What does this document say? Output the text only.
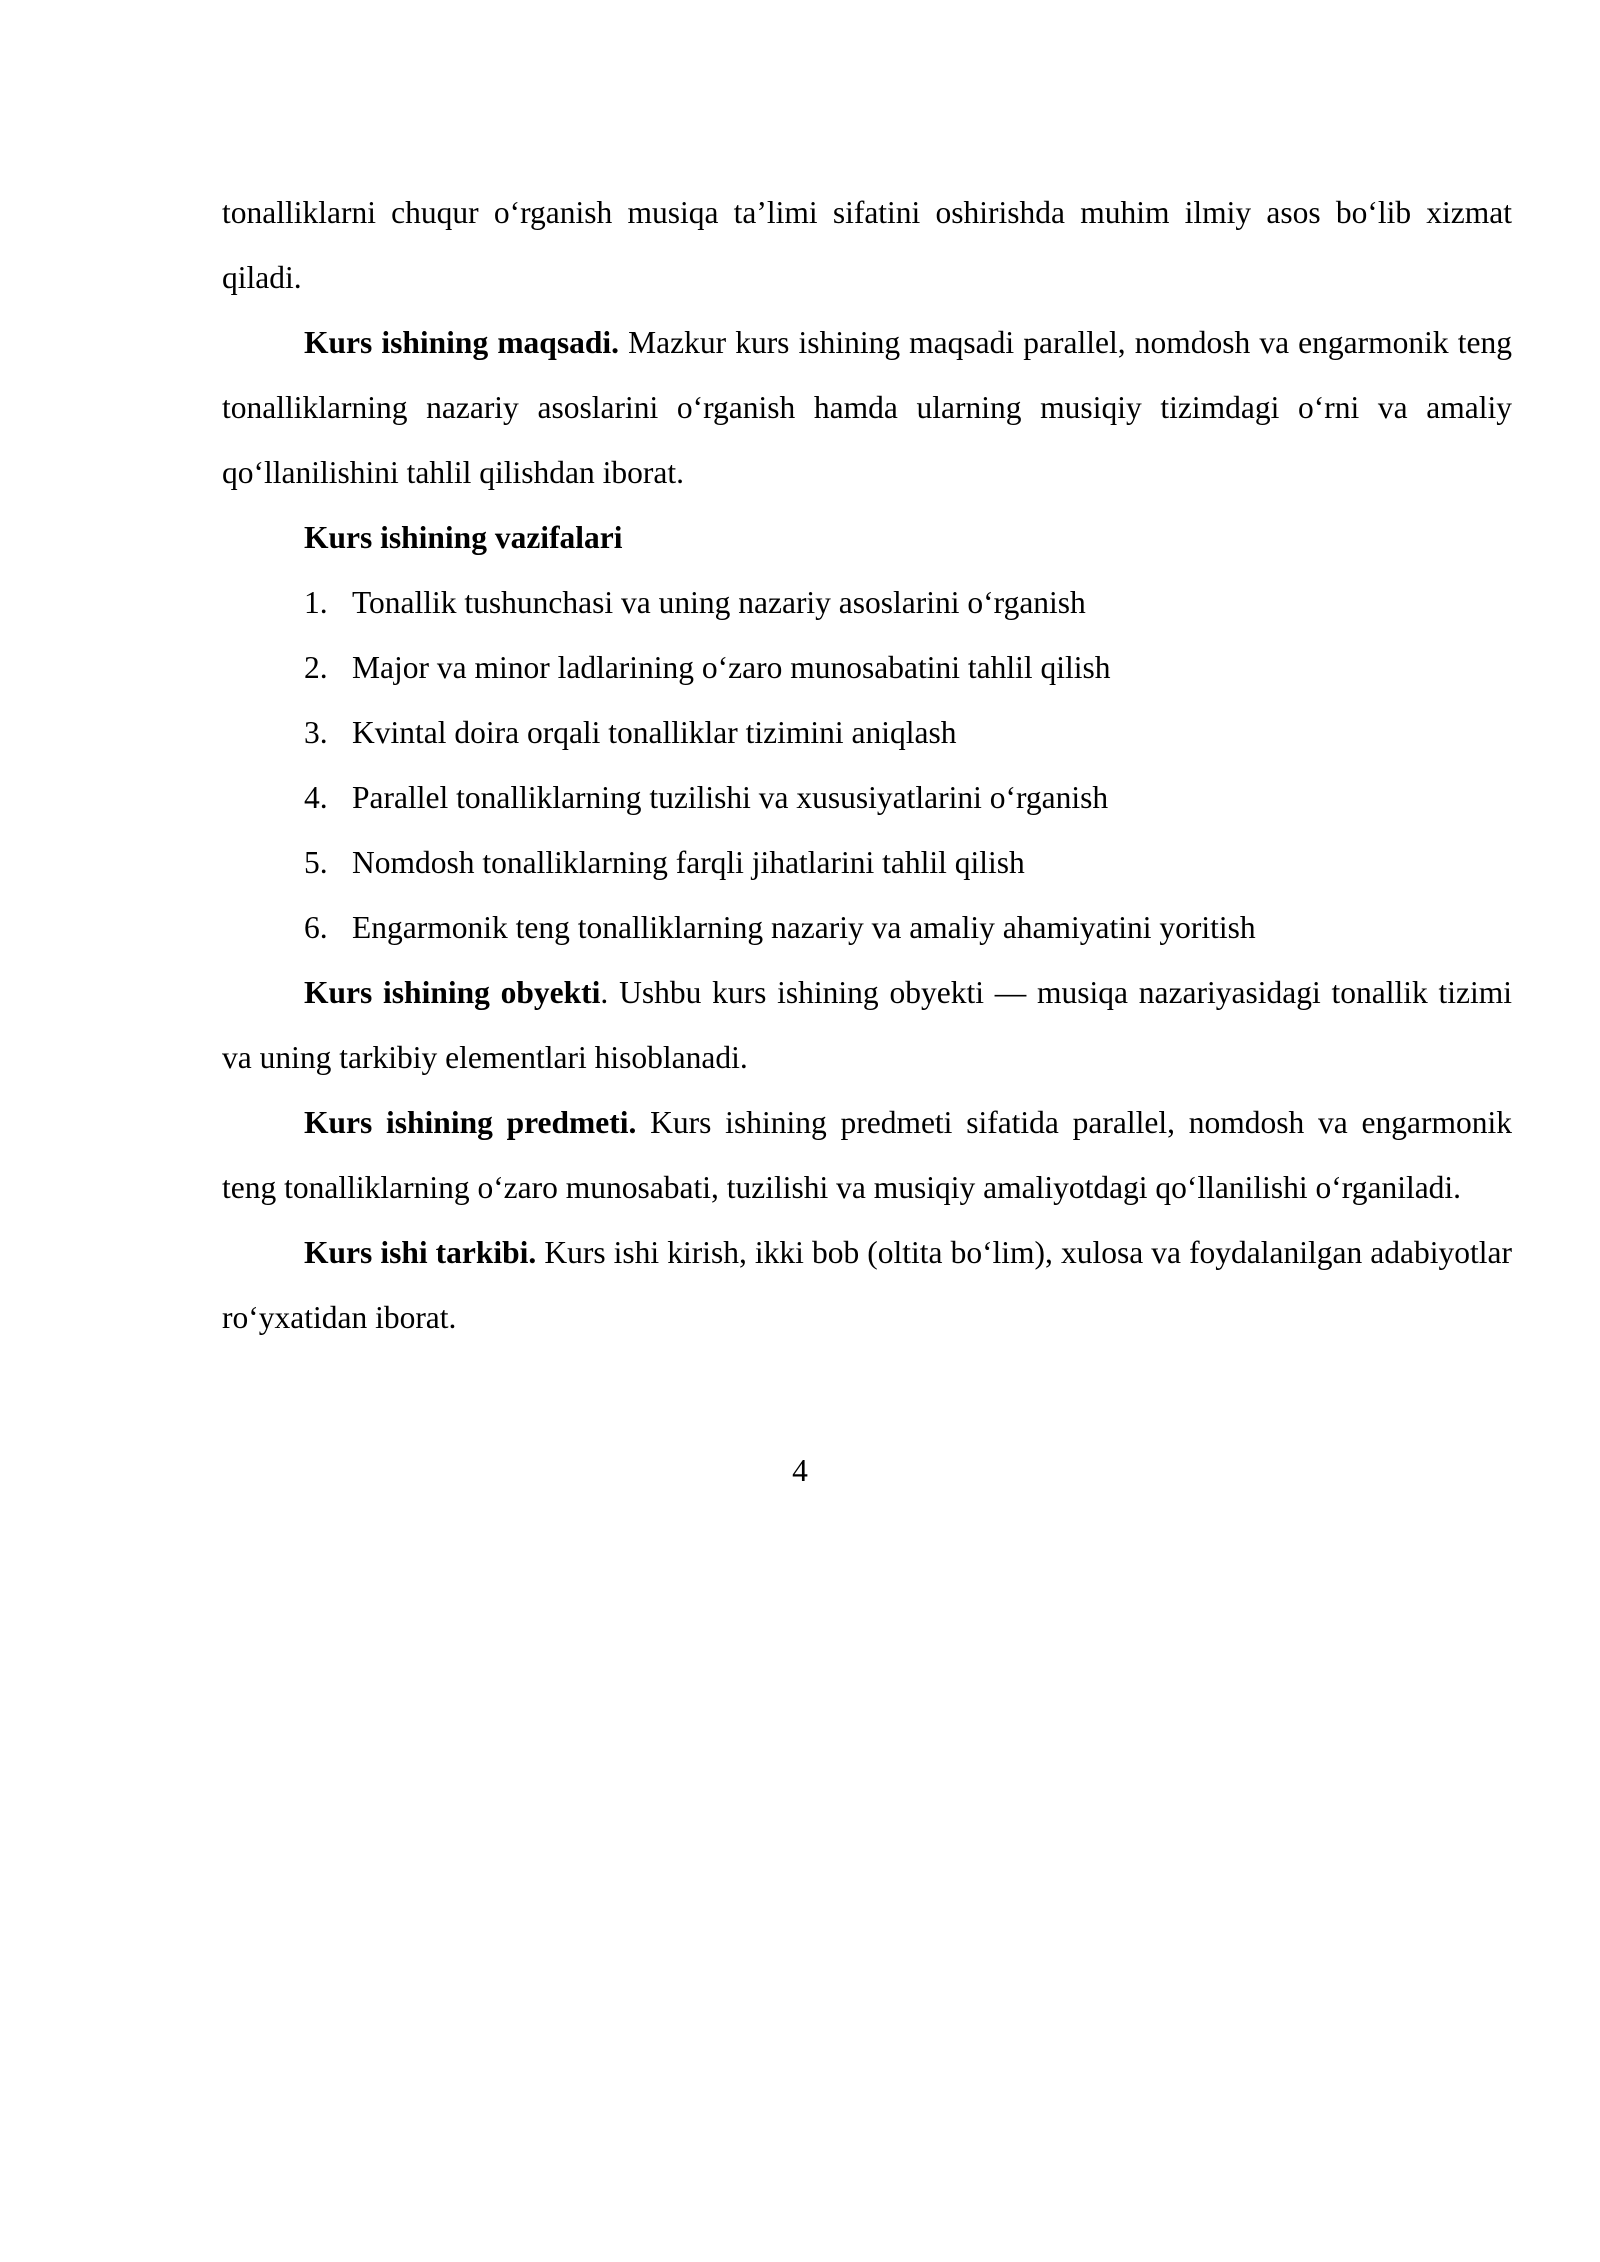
tonalliklarni chuqur o‘rganish musiqa ta’limi sifatini oshirishda muhim ilmiy asos bo‘lib xizmat qiladi.

Kurs ishining maqsadi. Mazkur kurs ishining maqsadi parallel, nomdosh va engarmonik teng tonalliklarning nazariy asoslarini o‘rganish hamda ularning musiqiy tizimdagi o‘rni va amaliy qo‘llanilishini tahlil qilishdan iborat.

Kurs ishining vazifalari

1. Tonallik tushunchasi va uning nazariy asoslarini o‘rganish
2. Major va minor ladlarining o‘zaro munosabatini tahlil qilish
3. Kvintal doira orqali tonalliklar tizimini aniqlash
4. Parallel tonalliklarning tuzilishi va xususiyatlarini o‘rganish
5. Nomdosh tonalliklarning farqli jihatlarini tahlil qilish
6. Engarmonik teng tonalliklarning nazariy va amaliy ahamiyatini yoritish

Kurs ishining obyekti. Ushbu kurs ishining obyekti — musiqa nazariyasidagi tonallik tizimi va uning tarkibiy elementlari hisoblanadi.

Kurs ishining predmeti. Kurs ishining predmeti sifatida parallel, nomdosh va engarmonik teng tonalliklarning o‘zaro munosabati, tuzilishi va musiqiy amaliyotdagi qo‘llanilishi o‘rganiladi.

Kurs ishi tarkibi. Kurs ishi kirish, ikki bob (oltita bo‘lim), xulosa va foydalanilgan adabiyotlar ro‘yxatidan iborat.

4
